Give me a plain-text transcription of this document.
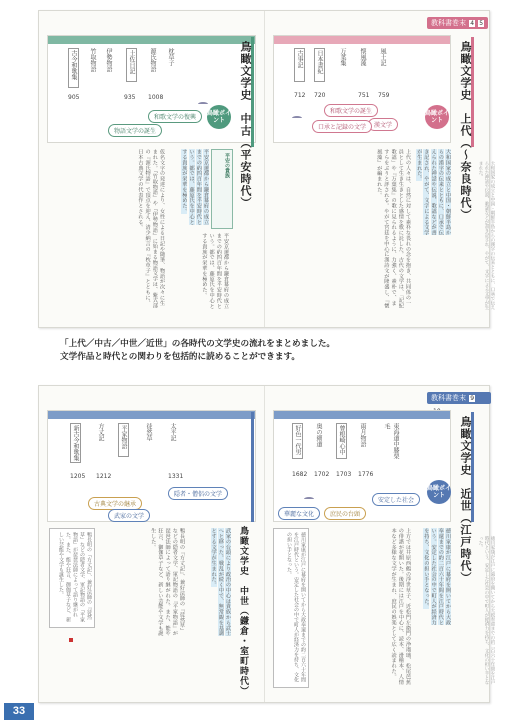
古今和歌集	竹取物語 伊勢物語	土佐日記	源氏物語 枕草子
905	935 1008
和歌文学の復興
物語文学の誕生
鳥瞰ポイント	鳥瞰文学史　中古（平安時代）
平安の貴族
平安京遷都から鎌倉幕府の成立までの約四百年間を平安時代という。都では、藤原氏を中心とする貴族が栄華を極めた。
仮名文字の発達により、女性による日記や随筆、物語が次々に生まれた。『竹取物語』や『伊勢物語』に始まる物語文学は、紫式部の『源氏物語』で頂点を迎え、清少納言の『枕草子』とともに、日本古典文学の代表作とされる。
平安京遷都から鎌倉幕府の成立までの約四百年間を平安時代という。都では、藤原氏を中心とする貴族が栄華を極めた。
教科書巻末 4 5
古事記	日本書紀	万葉集 懐風藻 風土記
712 720	751 759
和歌文学の誕生
漢文学
口承と記録の文学
鳥瞰ポイント	鳥瞰文学史　上代（〜奈良時代）
大和国家の成立と中国・朝鮮半島からの漢字の伝来とともに、口承で伝えられた神話や伝説、歌謡などが書き記され、やがて、文字による文学が生まれた。
上代の人々は、自然に対して素朴な畏れの念を抱き、共同体の一員として生き生きとした感情を歌に託した。古代の文学は、「記紀歌謡」や『万葉集』の歌に見られるように、力強く、素朴で、ますらをぶりと評される。やがて宮廷を中心に漢詩文が隆盛し、『懐風藻』が編まれた。	大和国家の成立と中国・朝鮮半島からの漢字の伝来とともに、口承で伝えられた神話や伝説、歌謡などが書き記され、やがて、文字による文学が生まれた。
「上代／中古／中世／近世」の各時代の文学史の流れをまとめました。
文学作品と時代との関わりを包括的に読めることができます。
新古今和歌集	方丈記	平家物語	徒然草	太平記
1205 1212	1331
隠者・僧侶の文学
古典文学の継承
武家の文学
鳥瞰文学史　中世（鎌倉・室町時代）
武家の台頭により政治の中心は貴族から武士へと移った。戦乱が続く中で、無常観を基調とする文学が生まれた。
鴨長明の『方丈記』、兼好法師の『徒然草』などの隠者文学、軍記物語の『平家物語』が琵琶法師によって語り継がれた。また、能や狂言、御伽草子など、新しい芸能や文学も誕生した。
鴨長明の『方丈記』、兼好法師の『徒然草』などの隠者文学、軍記物語の『平家物語』が琵琶法師によって語り継がれた。また、能や狂言、御伽草子など、新しい芸能や文学も誕生した。
教科書巻末 9
好色一代男	奥の細道	曾根崎心中	雨月物語	東海道中膝栗毛
1682 1702 1703 1776
華麗な文化	庶民の台頭
安定した社会
鳥瞰ポイント	鳥瞰文学史　近世（江戸時代）
徳川家康が江戸に幕府を開いてから大政奉還までの約二百六十年間を江戸時代という。安定した社会の中で町人が経済力を持ち、文化の担い手となった。
上方では井原西鶴の浮世草子、近松門左衛門の浄瑠璃、松尾芭蕉の俳諧が花開いた。後期には江戸を中心に、読本、滑稽本、人情本など多様な文学が生まれ、庶民の娯楽として広く読まれた。
徳川家康が江戸に幕府を開いてから大政奉還までの約二百六十年間を江戸時代という。安定した社会の中で町人が経済力を持ち、文化の担い手となった。	徳川家康が江戸に幕府を開いてから大政奉還までの約二百六十年間を江戸時代という。安定した社会の中で町人が経済力を持ち、文化の担い手となった。
33
